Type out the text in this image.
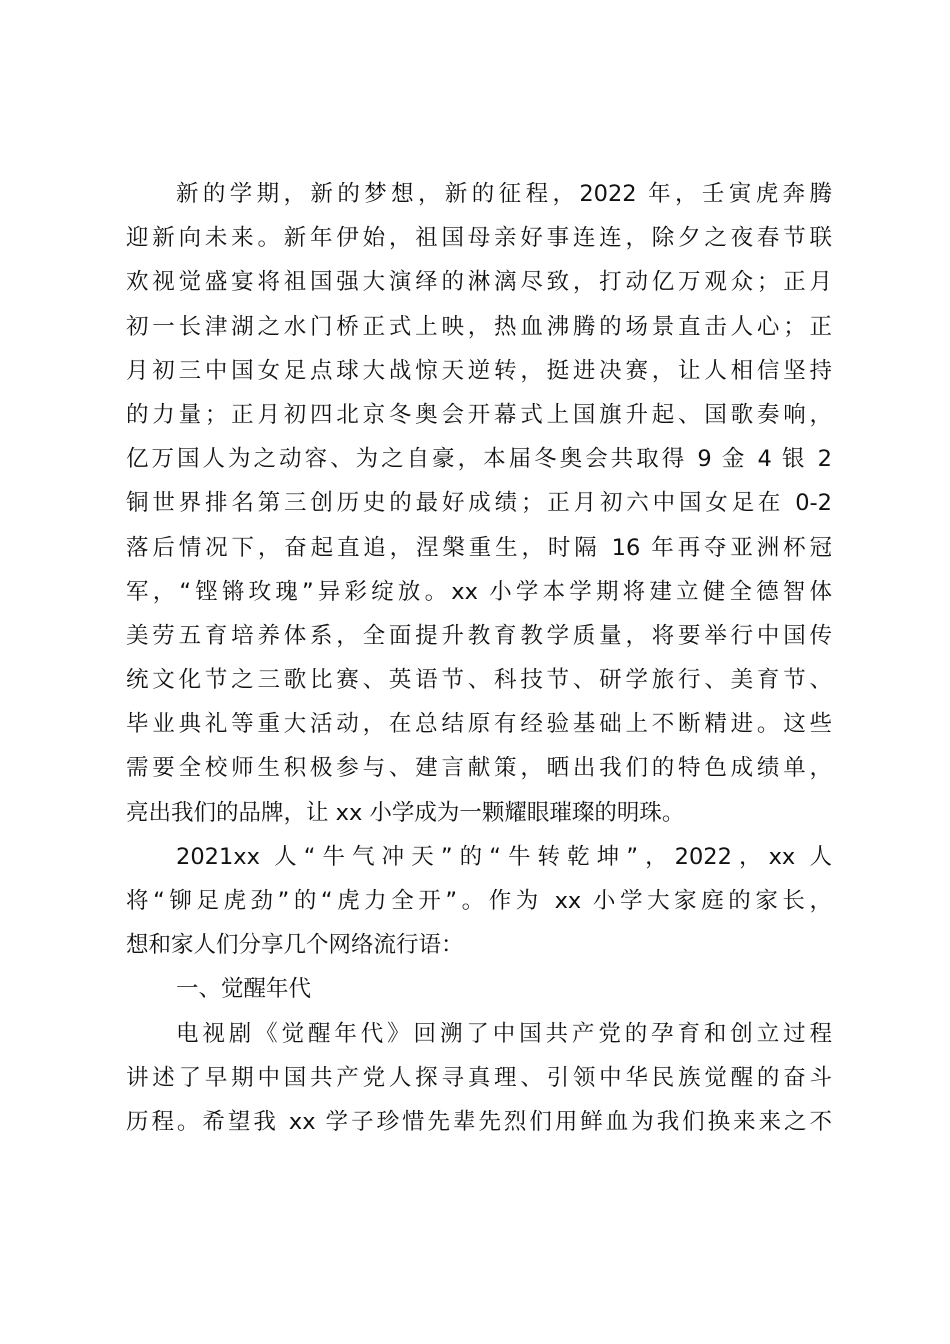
新的学期，新的梦想，新的征程，2022 年，壬寅虎奔腾
迎新向未来。新年伊始，祖国母亲好事连连，除夕之夜春节联
欢视觉盛宴将祖国强大演绎的淋漓尽致，打动亿万观众；正月
初一长津湖之水门桥正式上映，热血沸腾的场景直击人心；正
月初三中国女足点球大战惊天逆转，挺进决赛，让人相信坚持
的力量；正月初四北京冬奥会开幕式上国旗升起、国歌奏响，
亿万国人为之动容、为之自豪，本届冬奥会共取得 9 金 4 银 2
铜世界排名第三创历史的最好成绩；正月初六中国女足在 0-2
落后情况下，奋起直追，涅槃重生，时隔 16 年再夺亚洲杯冠
军，“铿锵玫瑰”异彩绽放。xx 小学本学期将建立健全德智体
美劳五育培养体系，全面提升教育教学质量，将要举行中国传
统文化节之三歌比赛、英语节、科技节、研学旅行、美育节、
毕业典礼等重大活动，在总结原有经验基础上不断精进。这些
需要全校师生积极参与、建言献策，晒出我们的特色成绩单，
亮出我们的品牌，让 xx 小学成为一颗耀眼璀璨的明珠。
2021xx 人“牛气冲天”的“牛转乾坤”，2022，xx 人
将“铆足虎劲”的“虎力全开”。作为 xx 小学大家庭的家长，
想和家人们分享几个网络流行语：
一、觉醒年代
电视剧《觉醒年代》回溯了中国共产党的孕育和创立过程
讲述了早期中国共产党人探寻真理、引领中华民族觉醒的奋斗
历程。希望我 xx 学子珍惜先辈先烈们用鲜血为我们换来来之不
